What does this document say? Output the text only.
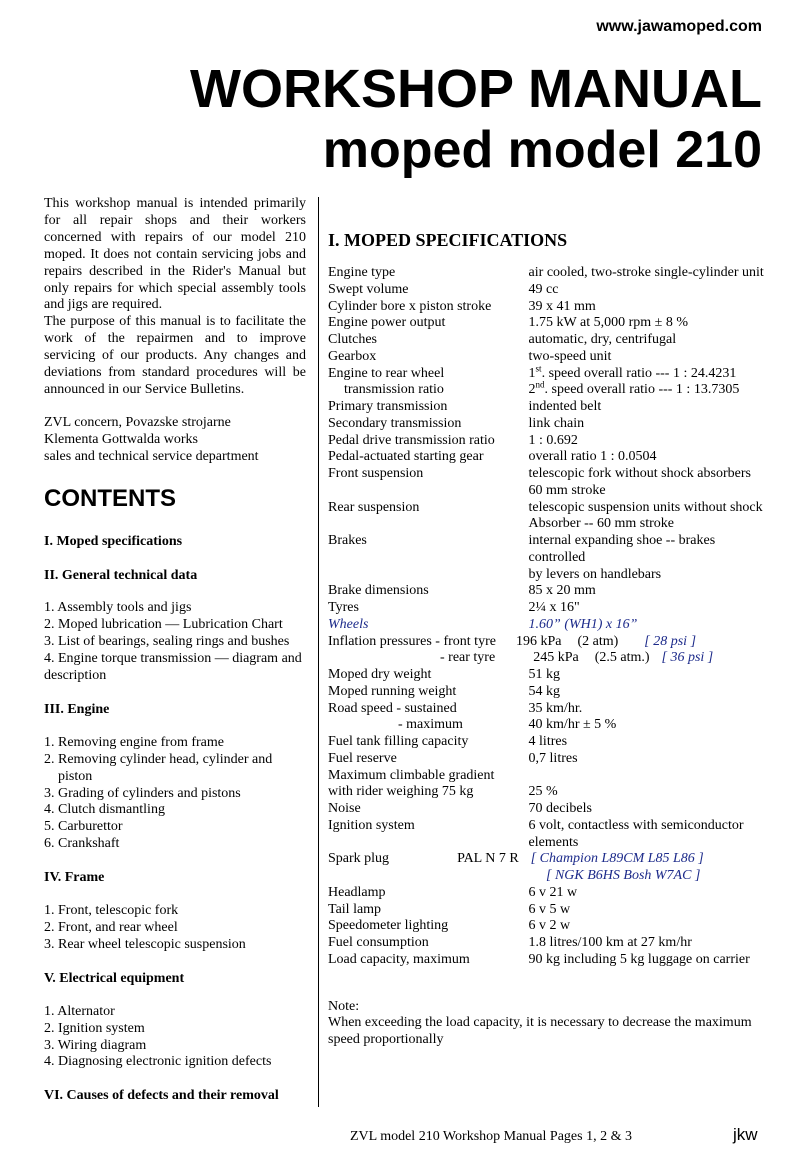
www.jawamoped.com
WORKSHOP MANUAL
moped model 210

This workshop manual is intended primarily for all repair shops and their workers concerned with repairs of our model 210 moped. It does not contain servicing jobs and repairs described in the Rider's Manual but only repairs for which special assembly tools and jigs are required.

The purpose of this manual is to facilitate the work of the repairmen and to improve servicing of our products. Any changes and deviations from standard procedures will be announced in our Service Bulletins.

ZVL concern, Povazske strojarne
Klementa Gottwalda works
sales and technical service department
CONTENTS
I. Moped specifications
II. General technical data
1. Assembly tools and jigs
2. Moped lubrication — Lubrication Chart
3. List of bearings, sealing rings and bushes
4. Engine torque transmission — diagram and description
III. Engine
1. Removing engine from frame
2. Removing cylinder head, cylinder and piston
3. Grading of cylinders and pistons
4. Clutch dismantling
5. Carburettor
6. Crankshaft
IV. Frame
1. Front, telescopic fork
2. Front, and rear wheel
3. Rear wheel telescopic suspension
V. Electrical equipment
1. Alternator
2. Ignition system
3. Wiring diagram
4. Diagnosing electronic ignition defects
VI. Causes of defects and their removal
I. MOPED SPECIFICATIONS
Engine type	air cooled, two-stroke single-cylinder unit
Swept volume	49 cc
Cylinder bore x piston stroke	39 x 41 mm
Engine power output	1.75 kW at 5,000 rpm ± 8 %
Clutches	automatic, dry, centrifugal
Gearbox	two-speed unit
Engine to rear wheel	1st. speed overall ratio --- 1 : 24.4231
transmission ratio	2nd. speed overall ratio --- 1 : 13.7305
Primary transmission	indented belt
Secondary transmission	link chain
Pedal drive transmission ratio	1 : 0.692
Pedal-actuated starting gear	overall ratio 1 : 0.0504
Front suspension	telescopic fork without shock absorbers
60 mm stroke

Rear suspension	telescopic suspension units without shock
Absorber -- 60 mm stroke

Brakes	internal expanding shoe -- brakes controlled
by levers on handlebars

Brake dimensions	85 x 20 mm
Tyres	2¼ x 16"
Wheels	1.60” (WH1) x 16”
Inflation pressures - front tyre 196 kPa (2 atm) [ 28 psi ]	
- rear tyre 245 kPa (2.5 atm.) [ 36 psi ]	
Moped dry weight	51 kg
Moped running weight	54 kg
Road speed - sustained	35 km/hr.
- maximum	40 km/hr ± 5 %
Fuel tank filling capacity	4 litres
Fuel reserve	0,7 litres
Maximum climbable gradient	
with rider weighing 75 kg	25 %
Noise	70 decibels
Ignition system	6 volt, contactless with semiconductor
elements

Spark plug PAL N 7 R [ Champion L89CM L85 L86 ]	
[ NGK B6HS Bosh W7AC ]	
Headlamp	6 v 21 w
Tail lamp	6 v 5 w
Speedometer lighting	6 v 2 w
Fuel consumption	1.8 litres/100 km at 27 km/hr
Load capacity, maximum	90 kg including 5 kg luggage on carrier
Note:
When exceeding the load capacity, it is necessary to decrease the maximum speed proportionally
ZVL model 210 Workshop Manual Pages 1, 2 & 3	jkw
